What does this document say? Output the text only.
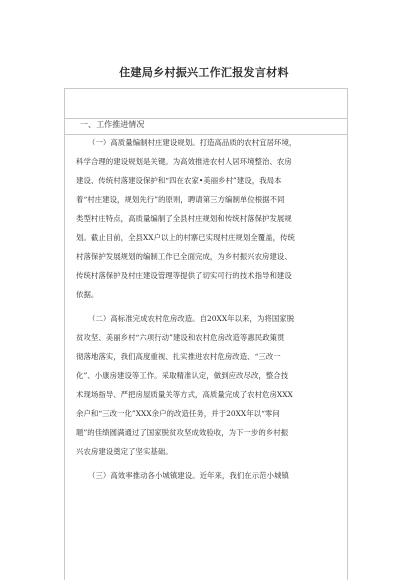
住建局乡村振兴工作汇报发言材料
一、工作推进情况
（一）高质量编制村庄建设规划。打造高品质的农村宜居环境，
科学合理的建设规划是关键。为高效推进农村人居环境整治、农房
建设、传统村落建设保护和“四在农家•美丽乡村”建设，我局本
着“村庄建设，规划先行”的原则，聘请第三方编制单位根据不同
类型村庄特点，高质量编制了全县村庄规划和传统村落保护发展规
划。截止目前，全县XX户以上的村寨已实现村庄规划全覆盖，传统
村落保护发展规划的编制工作已全面完成，为乡村振兴农房建设、
传统村落保护及村庄建设管理等提供了切实可行的技术指导和建设
依据。
（二）高标准完成农村危房改造。自20XX年以来，为将国家脱
贫攻坚、美丽乡村“六项行动”建设和农村危房改造等惠民政策贯
彻落地落实，我们高度重视、扎实推进农村危房改造、“三改一
化”、小康房建设等工作。采取精准认定，做到应改尽改，整合技
术现场指导、严把房屋质量关等方式，高质量完成了农村危房XXX
余户和“三改一化”XXX余户的改造任务，并于20XX年以“零问
题”的佳绩圆满通过了国家脱贫攻坚成效验收，为下一步的乡村振
兴农房建设奠定了坚实基础。
（三）高效率推动各小城镇建设。近年来，我们在示范小城镇
